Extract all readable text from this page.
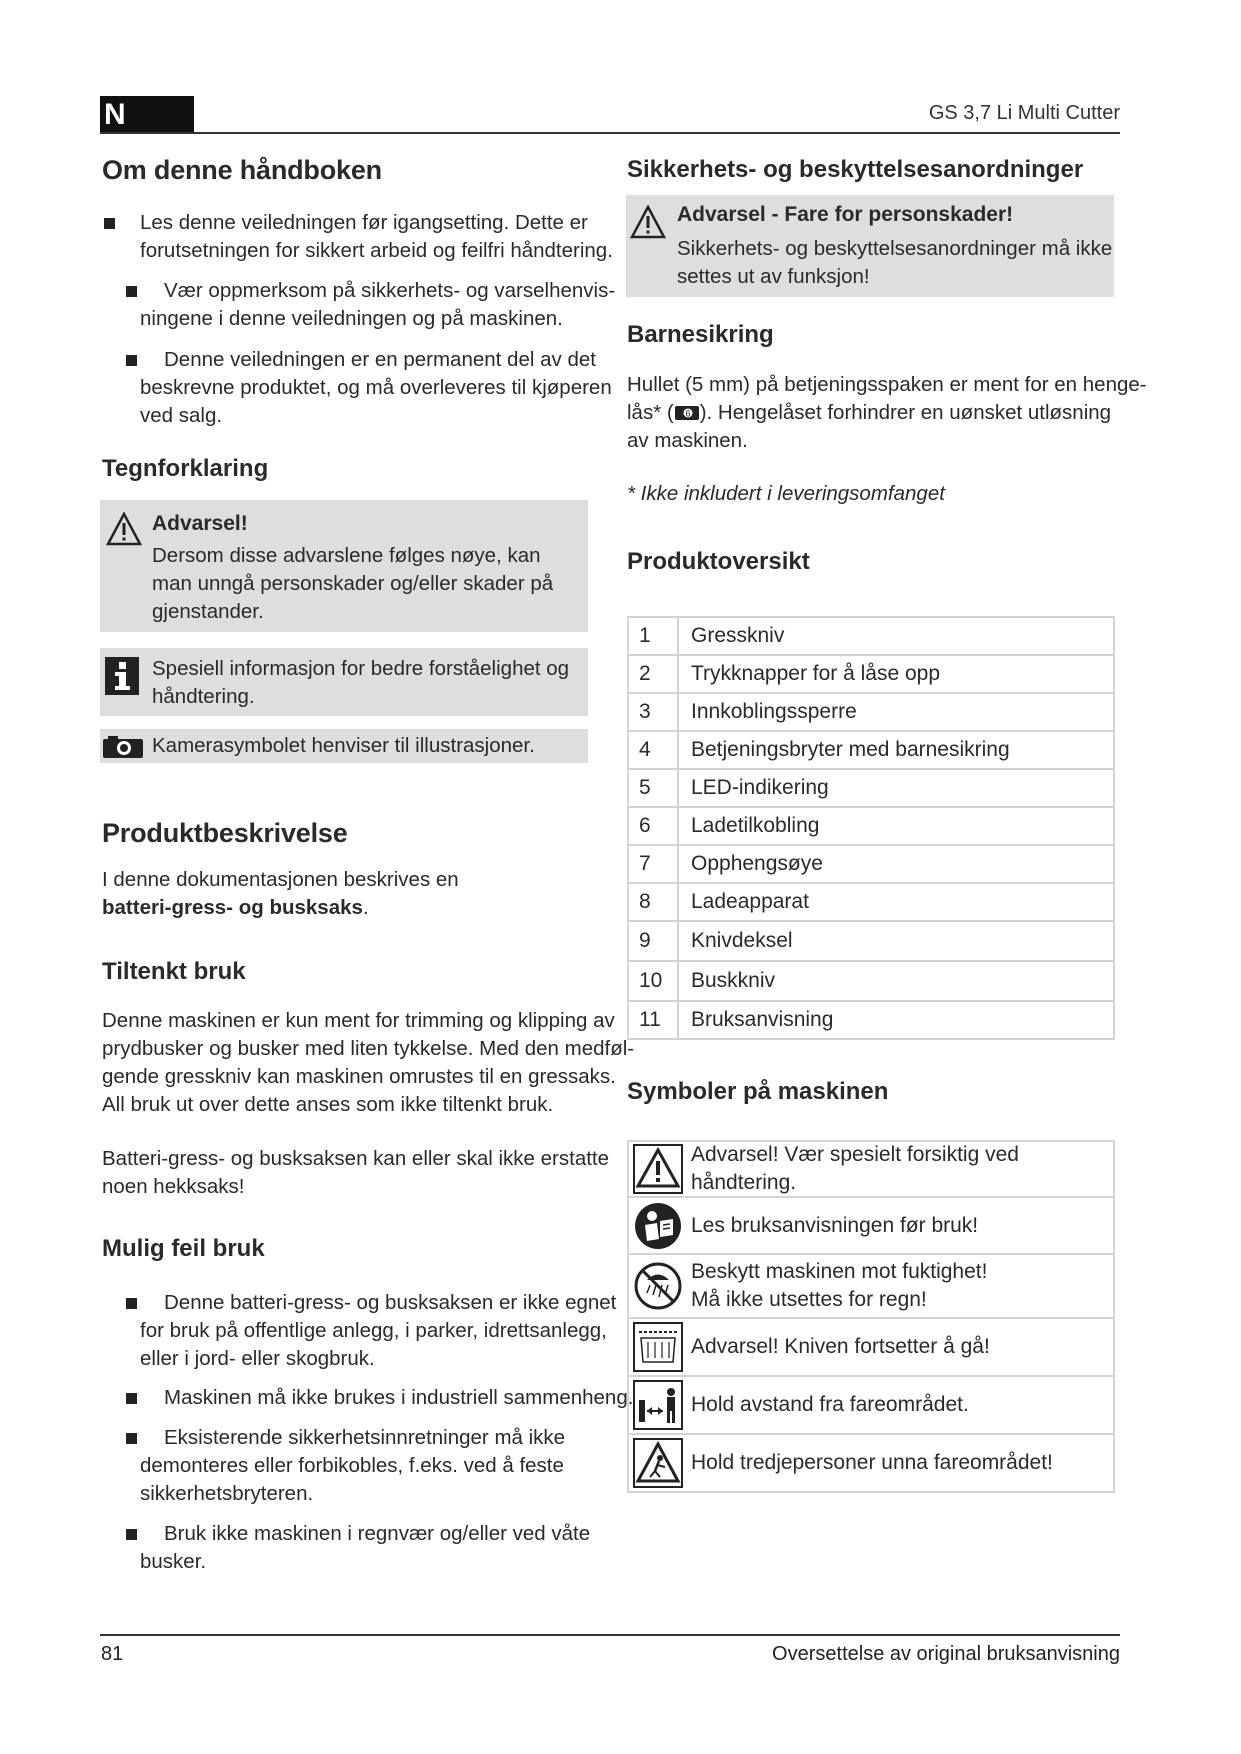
N	GS 3,7 Li Multi Cutter
Om denne håndboken
Les denne veiledningen før igangsetting. Dette er
forutsetningen for sikkert arbeid og feilfri håndtering.
Vær oppmerksom på sikkerhets- og varselhenvis-
ningene i denne veiledningen og på maskinen.
Denne veiledningen er en permanent del av det
beskrevne produktet, og må overleveres til kjøperen
ved salg.
Tegnforklaring
Advarsel!
Dersom disse advarslene følges nøye, kan
man unngå personskader og/eller skader på
gjenstander.
Spesiell informasjon for bedre forståelighet og
håndtering.
Kamerasymbolet henviser til illustrasjoner.
Produktbeskrivelse
I denne dokumentasjonen beskrives en
batteri-gress- og busksaks.
Tiltenkt bruk
Denne maskinen er kun ment for trimming og klipping av
prydbusker og busker med liten tykkelse. Med den medføl-
gende gresskniv kan maskinen omrustes til en gressaks.
All bruk ut over dette anses som ikke tiltenkt bruk.
Batteri-gress- og busksaksen kan eller skal ikke erstatte
noen hekksaks!
Mulig feil bruk
Denne batteri-gress- og busksaksen er ikke egnet
for bruk på offentlige anlegg, i parker, idrettsanlegg,
eller i jord- eller skogbruk.
Maskinen må ikke brukes i industriell sammenheng.
Eksisterende sikkerhetsinnretninger må ikke
demonteres eller forbikobles, f.eks. ved å feste
sikkerhetsbryteren.
Bruk ikke maskinen i regnvær og/eller ved våte
busker.
Sikkerhets- og beskyttelsesanordninger
Advarsel - Fare for personskader!
Sikkerhets- og beskyttelsesanordninger må ikke
settes ut av funksjon!
Barnesikring
Hullet (5 mm) på betjeningsspaken er ment for en henge-
lås* ( 6 ). Hengelåset forhindrer en uønsket utløsning
av maskinen.
* Ikke inkludert i leveringsomfanget
Produktoversikt
1	Gresskniv
2	Trykknapper for å låse opp
3	Innkoblingssperre
4	Betjeningsbryter med barnesikring
5	LED-indikering
6	Ladetilkobling
7	Opphengsøye
8	Ladeapparat
9	Knivdeksel
10	Buskkniv
11	Bruksanvisning
Symboler på maskinen
Advarsel! Vær spesielt forsiktig ved håndtering.
Les bruksanvisningen før bruk!
Beskytt maskinen mot fuktighet!
Må ikke utsettes for regn!
Advarsel! Kniven fortsetter å gå!
Hold avstand fra fareområdet.
Hold tredjepersoner unna fareområdet!
81	Oversettelse av original bruksanvisning
